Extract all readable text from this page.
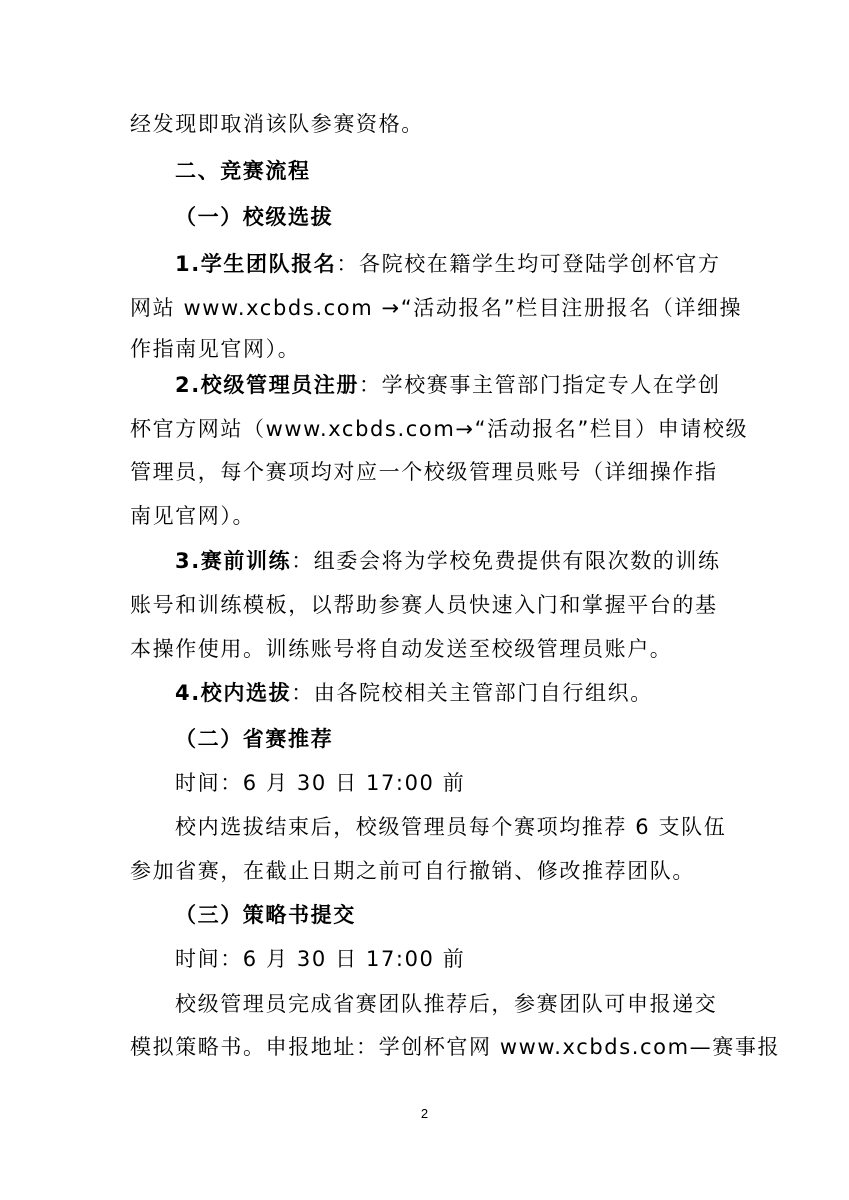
经发现即取消该队参赛资格。
二、竞赛流程
（一）校级选拔
1.学生团队报名：各院校在籍学生均可登陆学创杯官方
网站 www.xcbds.com →“活动报名”栏目注册报名（详细操
作指南见官网）。
2.校级管理员注册：学校赛事主管部门指定专人在学创
杯官方网站（www.xcbds.com→“活动报名”栏目）申请校级
管理员，每个赛项均对应一个校级管理员账号（详细操作指
南见官网）。
3.赛前训练：组委会将为学校免费提供有限次数的训练
账号和训练模板，以帮助参赛人员快速入门和掌握平台的基
本操作使用。训练账号将自动发送至校级管理员账户。
4.校内选拔：由各院校相关主管部门自行组织。
（二）省赛推荐
时间：6 月 30 日 17:00 前
校内选拔结束后，校级管理员每个赛项均推荐 6 支队伍
参加省赛，在截止日期之前可自行撤销、修改推荐团队。
（三）策略书提交
时间：6 月 30 日 17:00 前
校级管理员完成省赛团队推荐后，参赛团队可申报递交
模拟策略书。申报地址：学创杯官网 www.xcbds.com—赛事报
2
